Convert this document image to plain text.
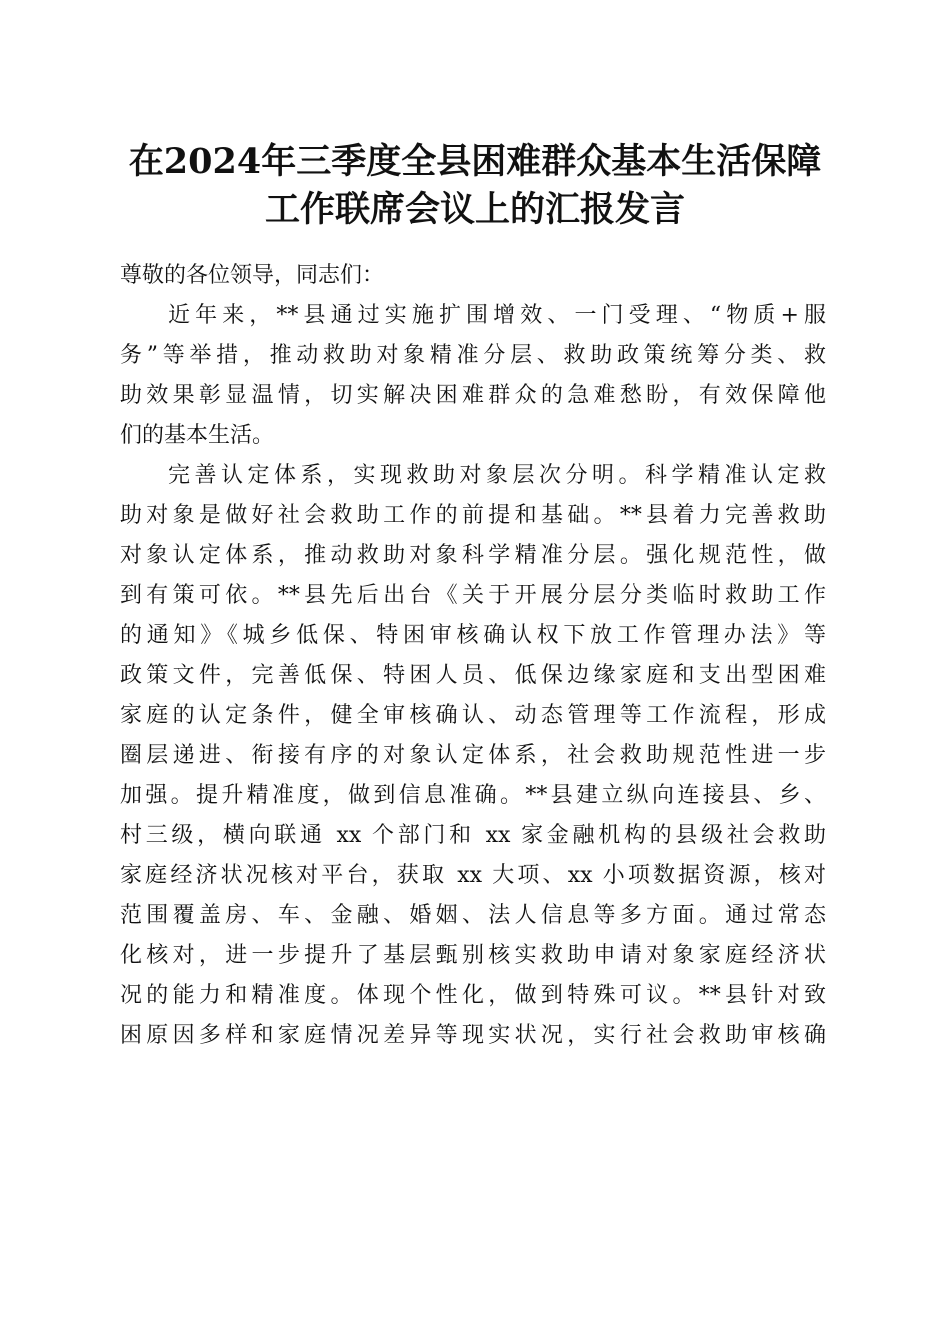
在2024年三季度全县困难群众基本生活保障
工作联席会议上的汇报发言

尊敬的各位领导，同志们：

近年来，**县通过实施扩围增效、一门受理、“物质+服
务”等举措，推动救助对象精准分层、救助政策统筹分类、救
助效果彰显温情，切实解决困难群众的急难愁盼，有效保障他
们的基本生活。
完善认定体系，实现救助对象层次分明。科学精准认定救
助对象是做好社会救助工作的前提和基础。**县着力完善救助
对象认定体系，推动救助对象科学精准分层。强化规范性，做
到有策可依。**县先后出台《关于开展分层分类临时救助工作
的通知》《城乡低保、特困审核确认权下放工作管理办法》等
政策文件，完善低保、特困人员、低保边缘家庭和支出型困难
家庭的认定条件，健全审核确认、动态管理等工作流程，形成
圈层递进、衔接有序的对象认定体系，社会救助规范性进一步
加强。提升精准度，做到信息准确。**县建立纵向连接县、乡、
村三级，横向联通 xx 个部门和 xx 家金融机构的县级社会救助
家庭经济状况核对平台，获取 xx 大项、xx 小项数据资源，核对
范围覆盖房、车、金融、婚姻、法人信息等多方面。通过常态
化核对，进一步提升了基层甄别核实救助申请对象家庭经济状
况的能力和精准度。体现个性化，做到特殊可议。**县针对致
困原因多样和家庭情况差异等现实状况，实行社会救助审核确
